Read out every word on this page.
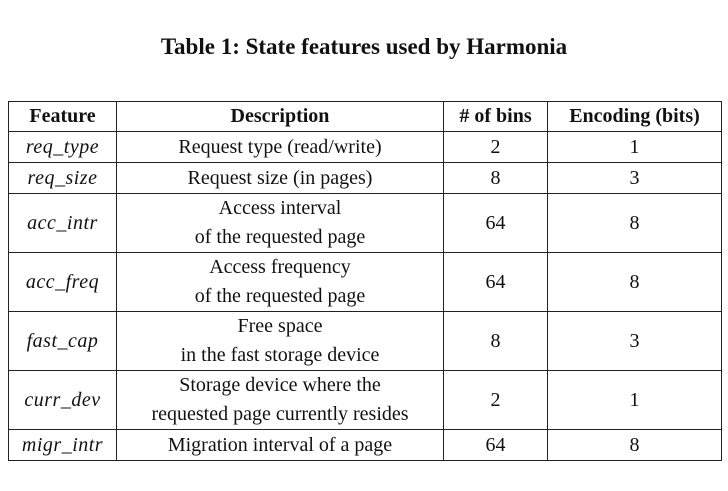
Table 1: State features used by Harmonia
Feature	Description	# of bins	Encoding (bits)
req_type	Request type (read/write)	2	1
req_size	Request size (in pages)	8	3
acc_intr	Access interval
of the requested page	64	8
acc_freq	Access frequency
of the requested page	64	8
fast_cap	Free space
in the fast storage device	8	3
curr_dev	Storage device where the
requested page currently resides	2	1
migr_intr	Migration interval of a page	64	8
